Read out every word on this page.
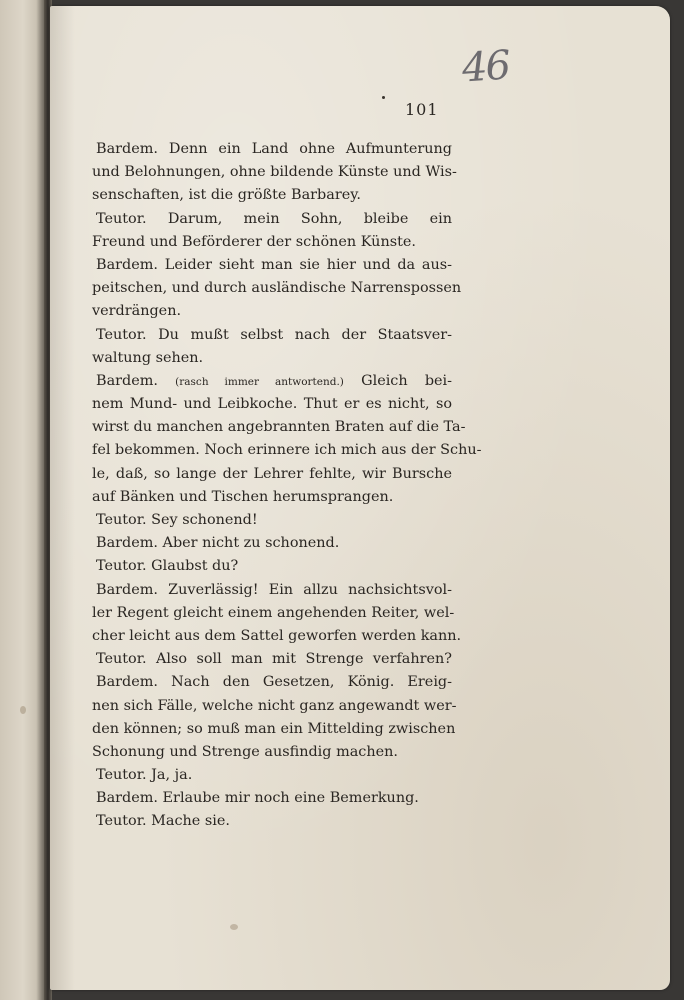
46
101
Bardem. Denn ein Land ohne Aufmunterung
und Belohnungen, ohne bildende Künste und Wis-
senschaften, ist die größte Barbarey.
Teutor. Darum, mein Sohn, bleibe ein
Freund und Beförderer der schönen Künste.
Bardem. Leider sieht man sie hier und da aus-
peitschen, und durch ausländische Narrenspossen
verdrängen.
Teutor. Du mußt selbst nach der Staatsver-
waltung sehen.
Bardem. (rasch immer antwortend.) Gleich bei-
nem Mund- und Leibkoche. Thut er es nicht, so
wirst du manchen angebrannten Braten auf die Ta-
fel bekommen. Noch erinnere ich mich aus der Schu-
le, daß, so lange der Lehrer fehlte, wir Bursche
auf Bänken und Tischen herumsprangen.
Teutor. Sey schonend!
Bardem. Aber nicht zu schonend.
Teutor. Glaubst du?
Bardem. Zuverlässig! Ein allzu nachsichtsvol-
ler Regent gleicht einem angehenden Reiter, wel-
cher leicht aus dem Sattel geworfen werden kann.
Teutor. Also soll man mit Strenge verfahren?
Bardem. Nach den Gesetzen, König. Ereig-
nen sich Fälle, welche nicht ganz angewandt wer-
den können; so muß man ein Mittelding zwischen
Schonung und Strenge ausfindig machen.
Teutor. Ja, ja.
Bardem. Erlaube mir noch eine Bemerkung.
Teutor. Mache sie.
